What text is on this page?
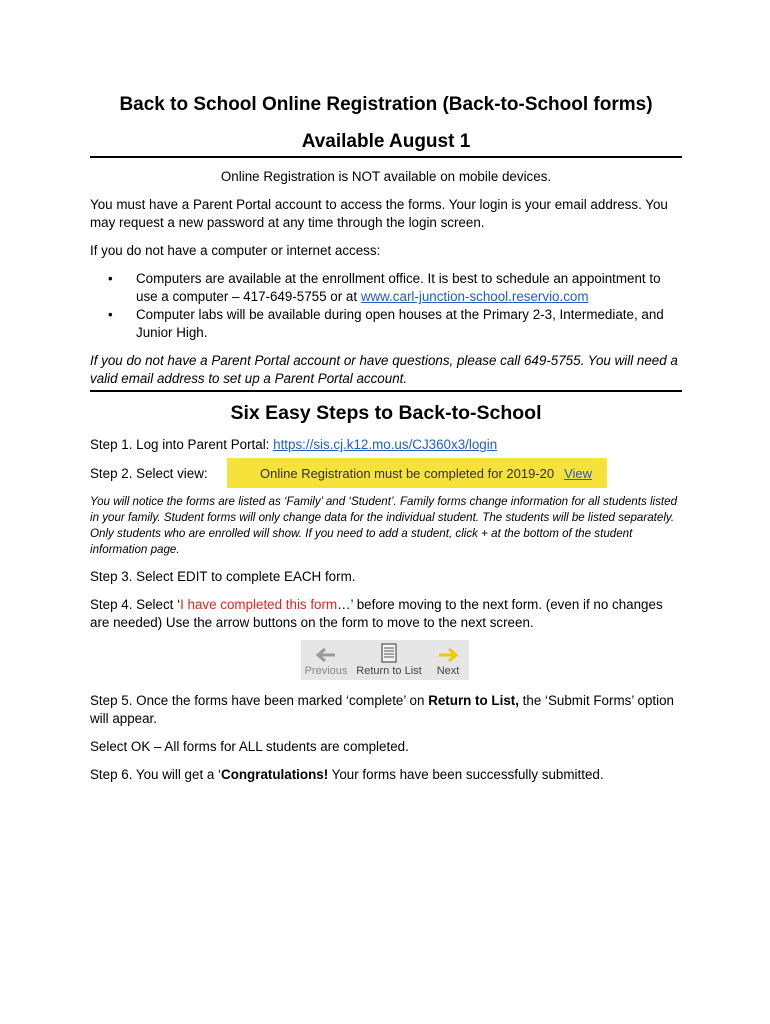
Back to School Online Registration (Back-to-School forms)
Available August 1

Online Registration is NOT available on mobile devices.

You must have a Parent Portal account to access the forms. Your login is your email address. You may request a new password at any time through the login screen.

If you do not have a computer or internet access:

• Computers are available at the enrollment office. It is best to schedule an appointment to use a computer – 417-649-5755 or at www.carl-junction-school.reservio.com
• Computer labs will be available during open houses at the Primary 2-3, Intermediate, and Junior High.

If you do not have a Parent Portal account or have questions, please call 649-5755. You will need a valid email address to set up a Parent Portal account.

Six Easy Steps to Back-to-School

Step 1. Log into Parent Portal: https://sis.cj.k12.mo.us/CJ360x3/login

Step 2. Select view:	Online Registration must be completed for 2019-20 View

You will notice the forms are listed as ‘Family’ and ‘Student’. Family forms change information for all students listed in your family. Student forms will only change data for the individual student. The students will be listed separately. Only students who are enrolled will show. If you need to add a student, click + at the bottom of the student information page.

Step 3. Select EDIT to complete EACH form.

Step 4. Select ‘I have completed this form…’ before moving to the next form. (even if no changes are needed) Use the arrow buttons on the form to move to the next screen.

Previous Return to List Next

Step 5. Once the forms have been marked ‘complete’ on Return to List, the ‘Submit Forms’ option will appear.

Select OK – All forms for ALL students are completed.

Step 6. You will get a ‘Congratulations! Your forms have been successfully submitted.
